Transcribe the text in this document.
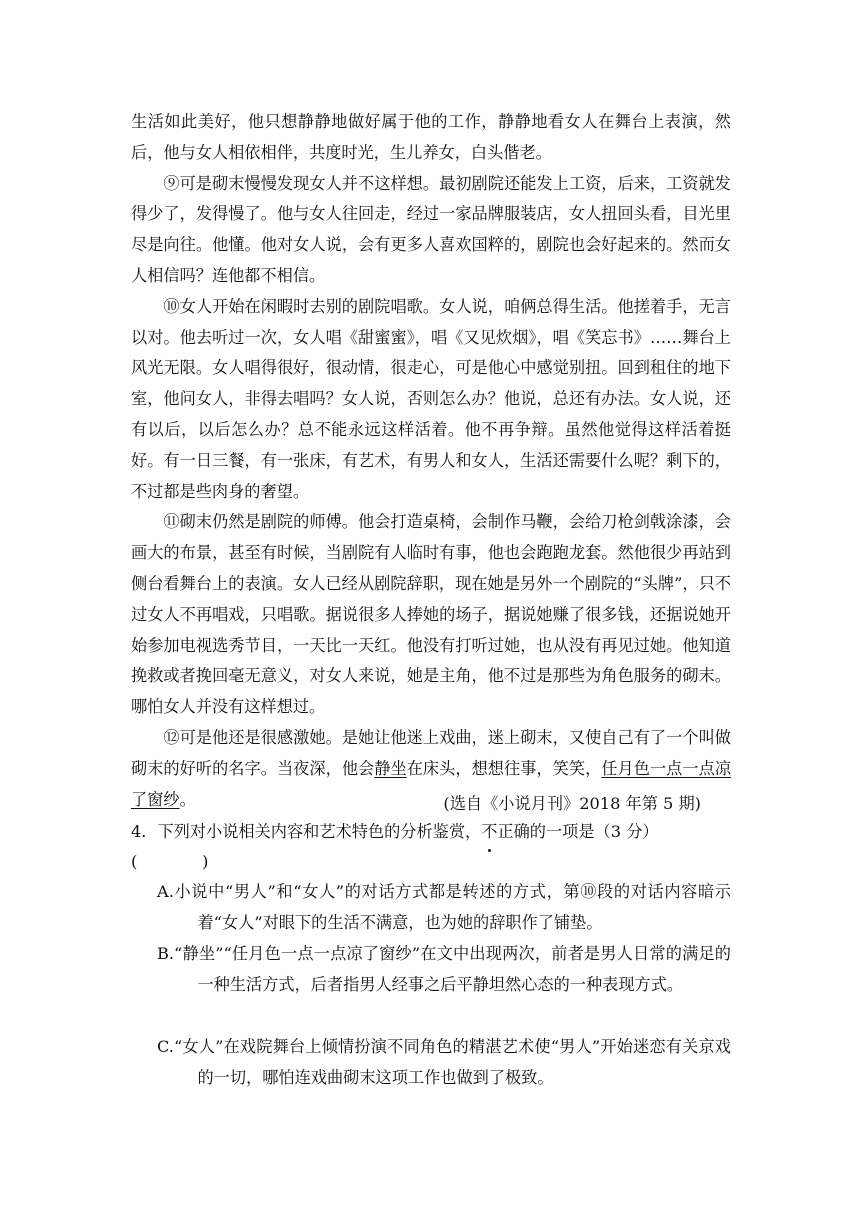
生活如此美好，他只想静静地做好属于他的工作，静静地看女人在舞台上表演，然后，他与女人相依相伴，共度时光，生儿养女，白头偕老。

⑨可是砌末慢慢发现女人并不这样想。最初剧院还能发上工资，后来，工资就发得少了，发得慢了。他与女人往回走，经过一家品牌服装店，女人扭回头看，目光里尽是向往。他懂。他对女人说，会有更多人喜欢国粹的，剧院也会好起来的。然而女人相信吗？连他都不相信。

⑩女人开始在闲暇时去别的剧院唱歌。女人说，咱俩总得生活。他搓着手，无言以对。他去听过一次，女人唱《甜蜜蜜》，唱《又见炊烟》，唱《笑忘书》……舞台上风光无限。女人唱得很好，很动情，很走心，可是他心中感觉别扭。回到租住的地下室，他问女人，非得去唱吗？女人说，否则怎么办？他说，总还有办法。女人说，还有以后，以后怎么办？总不能永远这样活着。他不再争辩。虽然他觉得这样活着挺好。有一日三餐，有一张床，有艺术，有男人和女人，生活还需要什么呢？剩下的，不过都是些肉身的奢望。

⑪砌末仍然是剧院的师傅。他会打造桌椅，会制作马鞭，会给刀枪剑戟涂漆，会画大的布景，甚至有时候，当剧院有人临时有事，他也会跑跑龙套。然他很少再站到侧台看舞台上的表演。女人已经从剧院辞职，现在她是另外一个剧院的“头牌”，只不过女人不再唱戏，只唱歌。据说很多人捧她的场子，据说她赚了很多钱，还据说她开始参加电视选秀节目，一天比一天红。他没有打听过她，也从没有再见过她。他知道挽救或者挽回毫无意义，对女人来说，她是主角，他不过是那些为角色服务的砌末。哪怕女人并没有这样想过。

⑫可是他还是很感激她。是她让他迷上戏曲，迷上砌末，又使自己有了一个叫做砌末的好听的名字。当夜深，他会静坐在床头，想想往事，笑笑，任月色一点一点凉了窗纱。	(选自《小说月刊》2018 年第 5 期)

4．下列对小说相关内容和艺术特色的分析鉴赏，不正确的一项是（3 分）

(　　　　)
A.小说中“男人”和“女人”的对话方式都是转述的方式，第⑩段的对话内容暗示着“女人”对眼下的生活不满意，也为她的辞职作了铺垫。
B.“静坐”“任月色一点一点凉了窗纱”在文中出现两次，前者是男人日常的满足的一种生活方式，后者指男人经事之后平静坦然心态的一种表现方式。
C.“女人”在戏院舞台上倾情扮演不同角色的精湛艺术使“男人”开始迷恋有关京戏的一切，哪怕连戏曲砌末这项工作也做到了极致。
